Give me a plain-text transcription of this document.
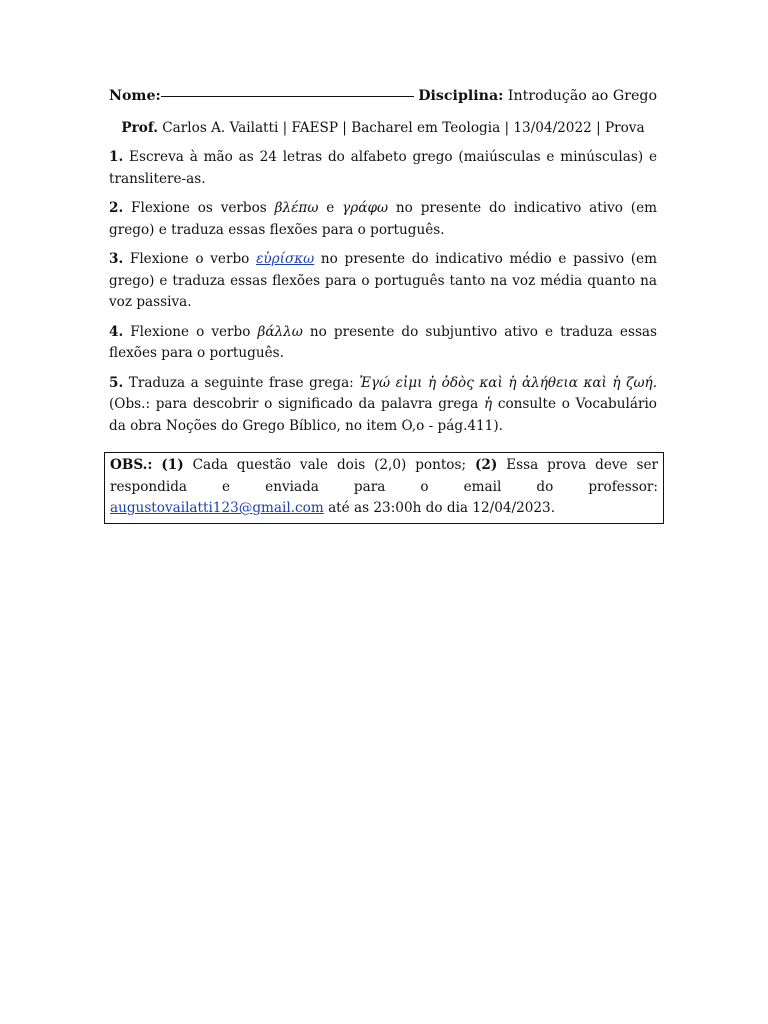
Nome:	Disciplina:
Introdução ao Grego
Prof. Carlos A. Vailatti | FAESP | Bacharel em Teologia | 13/04/2022 | Prova
1. Escreva à mão as 24 letras do alfabeto grego (maiúsculas e minúsculas) e translitere-as.
2. Flexione os verbos βλέπω e γράφω no presente do indicativo ativo (em grego) e traduza essas flexões para o português.
3. Flexione o verbo εὑρίσκω no presente do indicativo médio e passivo (em grego) e traduza essas flexões para o português tanto na voz média quanto na voz passiva.
4. Flexione o verbo βάλλω no presente do subjuntivo ativo e traduza essas flexões para o português.
5. Traduza a seguinte frase grega: Ἐγώ εἰμι ἡ ὁδὸς καὶ ἡ ἀλήθεια καὶ ἡ ζωή. (Obs.: para descobrir o significado da palavra grega ἡ consulte o Vocabulário da obra Noções do Grego Bíblico, no item O,o - pág.411).
OBS.: (1) Cada questão vale dois (2,0) pontos; (2) Essa prova deve ser respondida e enviada para o email do professor: augustovailatti123@gmail.com até as 23:00h do dia 12/04/2023.
